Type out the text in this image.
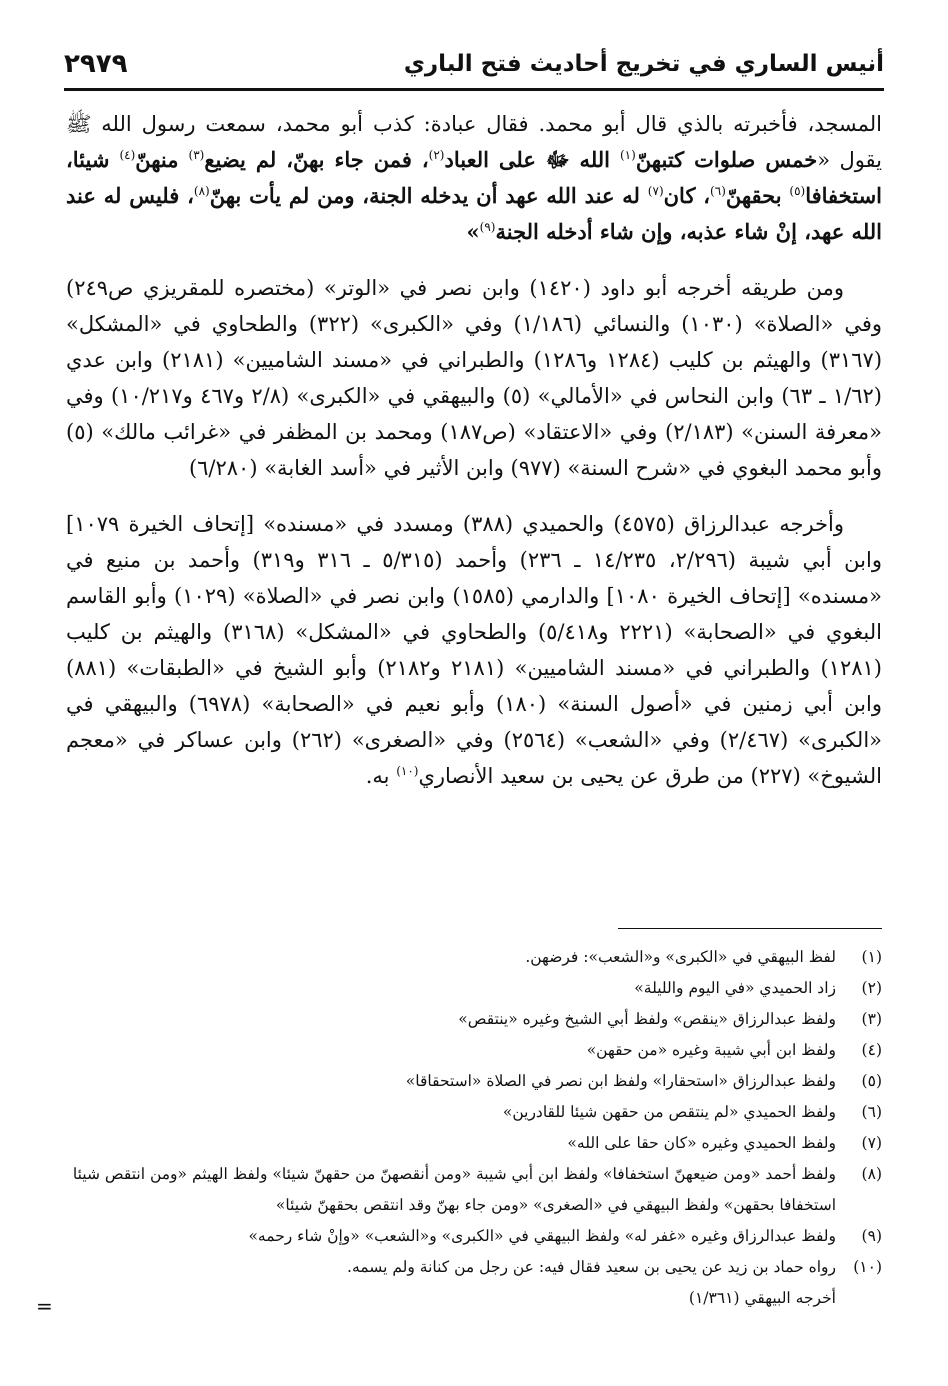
أنيس الساري في تخريج أحاديث فتح الباري
٢٩٧٩

المسجد، فأخبرته بالذي قال أبو محمد. فقال عبادة: كذب أبو محمد، سمعت رسول الله ﷺ يقول «خمس صلوات كتبهنّ$^{(١)}$ الله ﷻ على العباد$^{(٢)}$، فمن جاء بهنّ، لم يضيع$^{(٣)}$ منهنّ$^{(٤)}$ شيئا، استخفافا$^{(٥)}$ بحقهنّ$^{(٦)}$، كان$^{(٧)}$ له عند الله عهد أن يدخله الجنة، ومن لم يأت بهنّ$^{(٨)}$، فليس له عند الله عهد، إنْ شاء عذبه، وإن شاء أدخله الجنة$^{(٩)}$»

ومن طريقه أخرجه أبو داود (١٤٢٠) وابن نصر في «الوتر» (مختصره للمقريزي ص٢٤٩) وفي «الصلاة» (١٠٣٠) والنسائي (١/١٨٦) وفي «الكبرى» (٣٢٢) والطحاوي في «المشكل» (٣١٦٧) والهيثم بن كليب (١٢٨٤ و١٢٨٦) والطبراني في «مسند الشاميين» (٢١٨١) وابن عدي (١/٦٢ ـ ٦٣) وابن النحاس في «الأمالي» (٥) والبيهقي في «الكبرى» (٢/٨ و٤٦٧ و١٠/٢١٧) وفي «معرفة السنن» (٢/١٨٣) وفي «الاعتقاد» (ص١٨٧) ومحمد بن المظفر في «غرائب مالك» (٥) وأبو محمد البغوي في «شرح السنة» (٩٧٧) وابن الأثير في «أسد الغابة» (٦/٢٨٠)

وأخرجه عبدالرزاق (٤٥٧٥) والحميدي (٣٨٨) ومسدد في «مسنده» [إتحاف الخيرة ١٠٧٩] وابن أبي شيبة (٢/٢٩٦، ١٤/٢٣٥ ـ ٢٣٦) وأحمد (٥/٣١٥ ـ ٣١٦ و٣١٩) وأحمد بن منيع في «مسنده» [إتحاف الخيرة ١٠٨٠] والدارمي (١٥٨٥) وابن نصر في «الصلاة» (١٠٢٩) وأبو القاسم البغوي في «الصحابة» (٢٢٢١ و٥/٤١٨) والطحاوي في «المشكل» (٣١٦٨) والهيثم بن كليب (١٢٨١) والطبراني في «مسند الشاميين» (٢١٨١ و٢١٨٢) وأبو الشيخ في «الطبقات» (٨٨١) وابن أبي زمنين في «أصول السنة» (١٨٠) وأبو نعيم في «الصحابة» (٦٩٧٨) والبيهقي في «الكبرى» (٢/٤٦٧) وفي «الشعب» (٢٥٦٤) وفي «الصغرى» (٢٦٢) وابن عساكر في «معجم الشيوخ» (٢٢٧) من طرق عن يحيى بن سعيد الأنصاري$^{(١٠)}$ به.

(١)
لفظ البيهقي في «الكبرى» و«الشعب»: فرضهن.
(٢)
زاد الحميدي «في اليوم والليلة»
(٣)
ولفظ عبدالرزاق «ينقص» ولفظ أبي الشيخ وغيره «ينتقص»
(٤)
ولفظ ابن أبي شيبة وغيره «من حقهن»
(٥)
ولفظ عبدالرزاق «استحقارا» ولفظ ابن نصر في الصلاة «استحقاقا»
(٦)
ولفظ الحميدي «لم ينتقص من حقهن شيئا للقادرين»
(٧)
ولفظ الحميدي وغيره «كان حقا على الله»
(٨)
ولفظ أحمد «ومن ضيعهنّ استخفافا» ولفظ ابن أبي شيبة «ومن أنقصهنّ من حقهنّ شيئا» ولفظ الهيثم «ومن انتقص شيئا استخفافا بحقهن» ولفظ البيهقي في «الصغرى» «ومن جاء بهنّ وقد انتقص بحقهنّ شيئا»
(٩)
ولفظ عبدالرزاق وغيره «غفر له» ولفظ البيهقي في «الكبرى» و«الشعب» «وإنْ شاء رحمه»
(١٠)
رواه حماد بن زيد عن يحيى بن سعيد فقال فيه: عن رجل من كنانة ولم يسمه.
أخرجه البيهقي (١/٣٦١)
=
